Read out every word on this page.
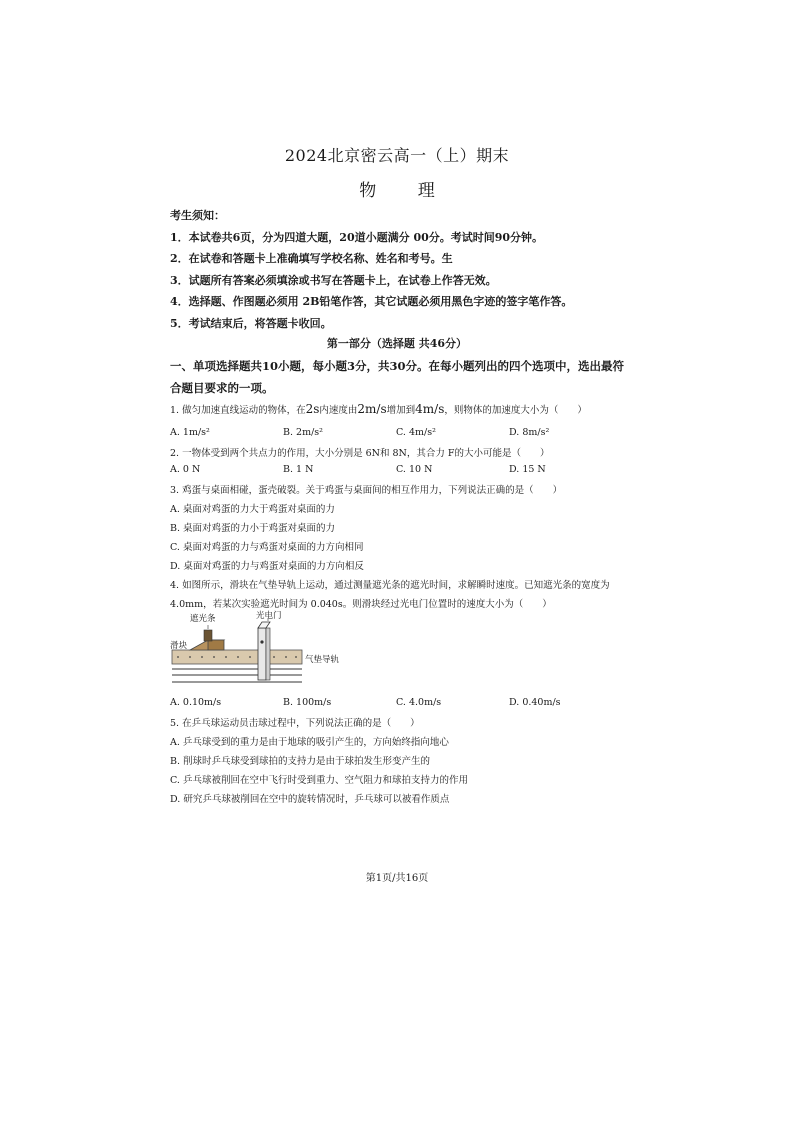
2024北京密云高一（上）期末
物 理
考生须知：
1．本试卷共6页，分为四道大题，20道小题满分 00分。考试时间90分钟。
2．在试卷和答题卡上准确填写学校名称、姓名和考号。生
3．试题所有答案必须填涂或书写在答题卡上，在试卷上作答无效。
4．选择题、作图题必须用 2B铅笔作答，其它试题必须用黑色字迹的签字笔作答。
5．考试结束后，将答题卡收回。
第一部分（选择题 共46分）
一、单项选择题共10小题，每小题3分，共30分。在每小题列出的四个选项中，选出最符
合题目要求的一项。
1. 做匀加速直线运动的物体，在2s内速度由2m/s增加到4m/s，则物体的加速度大小为（　　）
A. 1m/s²	B. 2m/s²	C. 4m/s²	D. 8m/s²
2. 一物体受到两个共点力的作用，大小分别是 6N和 8N，其合力 F的大小可能是（　　）
A. 0 N	B. 1 N	C. 10 N	D. 15 N
3. 鸡蛋与桌面相碰，蛋壳破裂。关于鸡蛋与桌面间的相互作用力，下列说法正确的是（　　）
A. 桌面对鸡蛋的力大于鸡蛋对桌面的力
B. 桌面对鸡蛋的力小于鸡蛋对桌面的力
C. 桌面对鸡蛋的力与鸡蛋对桌面的力方向相同
D. 桌面对鸡蛋的力与鸡蛋对桌面的力方向相反
4. 如图所示，滑块在气垫导轨上运动，通过测量遮光条的遮光时间，求解瞬时速度。已知遮光条的宽度为
4.0mm，若某次实验遮光时间为 0.040s。则滑块经过光电门位置时的速度大小为（　　）
遮光条	光电门
滑块
气垫导轨
A. 0.10m/s	B. 100m/s	C. 4.0m/s	D. 0.40m/s
5. 在乒乓球运动员击球过程中，下列说法正确的是（　　）
A. 乒乓球受到的重力是由于地球的吸引产生的，方向始终指向地心
B. 削球时乒乓球受到球拍的支持力是由于球拍发生形变产生的
C. 乒乓球被削回在空中飞行时受到重力、空气阻力和球拍支持力的作用
D. 研究乒乓球被削回在空中的旋转情况时，乒乓球可以被看作质点
第1页/共16页
